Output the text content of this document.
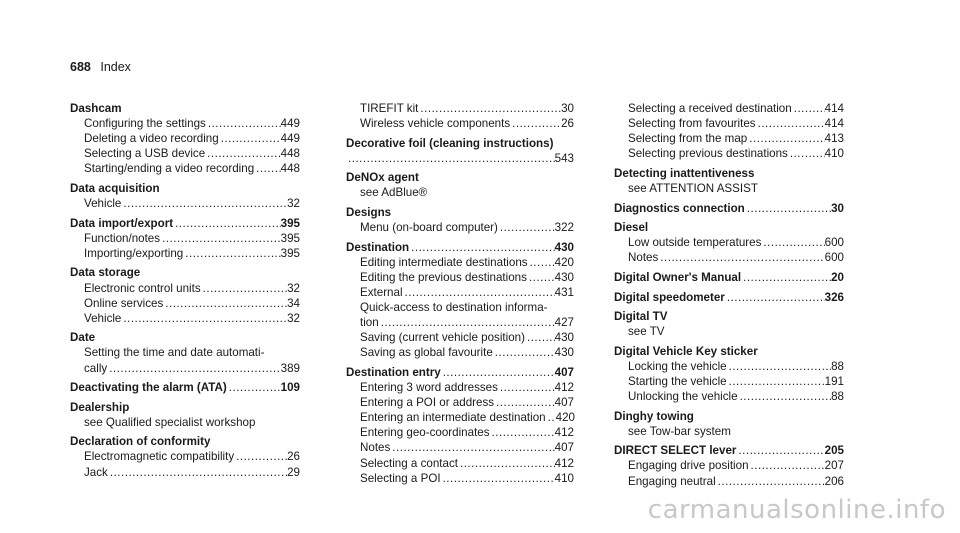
688 Index
Dashcam
Configuring the settings .....	449
Deleting a video recording .....	449
Selecting a USB device .....	448
Starting/ending a video recording ..... 448
Data acquisition
Vehicle .....	32
Data import/export .....	395
Function/notes .....	395
Importing/exporting .....	395
Data storage
Electronic control units .....	32
Online services .....	34
Vehicle .....	32
Date
Setting the time and date automati-
cally .....	389
Deactivating the alarm (ATA) .....	109
Dealership
see Qualified specialist workshop
Declaration of conformity
Electromagnetic compatibility .....	26
Jack .....	29
TIREFIT kit .....	30
Wireless vehicle components .....	26
Decorative foil (cleaning instructions)
.....
543
DeNOx agent
see AdBlue®
Designs
Menu (on-board computer) .....	322
Destination .....	430
Editing intermediate destinations ..... 420
Editing the previous destinations ..... 430
External .....	431
Quick-access to destination informa-
tion .....	427
Saving (current vehicle position) .....	430
Saving as global favourite .....	430
Destination entry .....	407
Entering 3 word addresses .....	412
Entering a POI or address .....	407
Entering an intermediate destination ..... 420
Entering geo-coordinates .....	412
Notes .....	407
Selecting a contact .....	412
Selecting a POI .....	410
Selecting a received destination .....	414
Selecting from favourites .....	414
Selecting from the map .....	413
Selecting previous destinations .....	410
Detecting inattentiveness
see ATTENTION ASSIST
Diagnostics connection .....	30
Diesel
Low outside temperatures .....	600
Notes .....	600
Digital Owner's Manual .....	20
Digital speedometer .....	326
Digital TV
see TV
Digital Vehicle Key sticker
Locking the vehicle .....	88
Starting the vehicle .....	191
Unlocking the vehicle .....	88
Dinghy towing
see Tow-bar system
DIRECT SELECT lever .....	205
Engaging drive position .....	207
Engaging neutral .....	206
carmanualsonline.info
